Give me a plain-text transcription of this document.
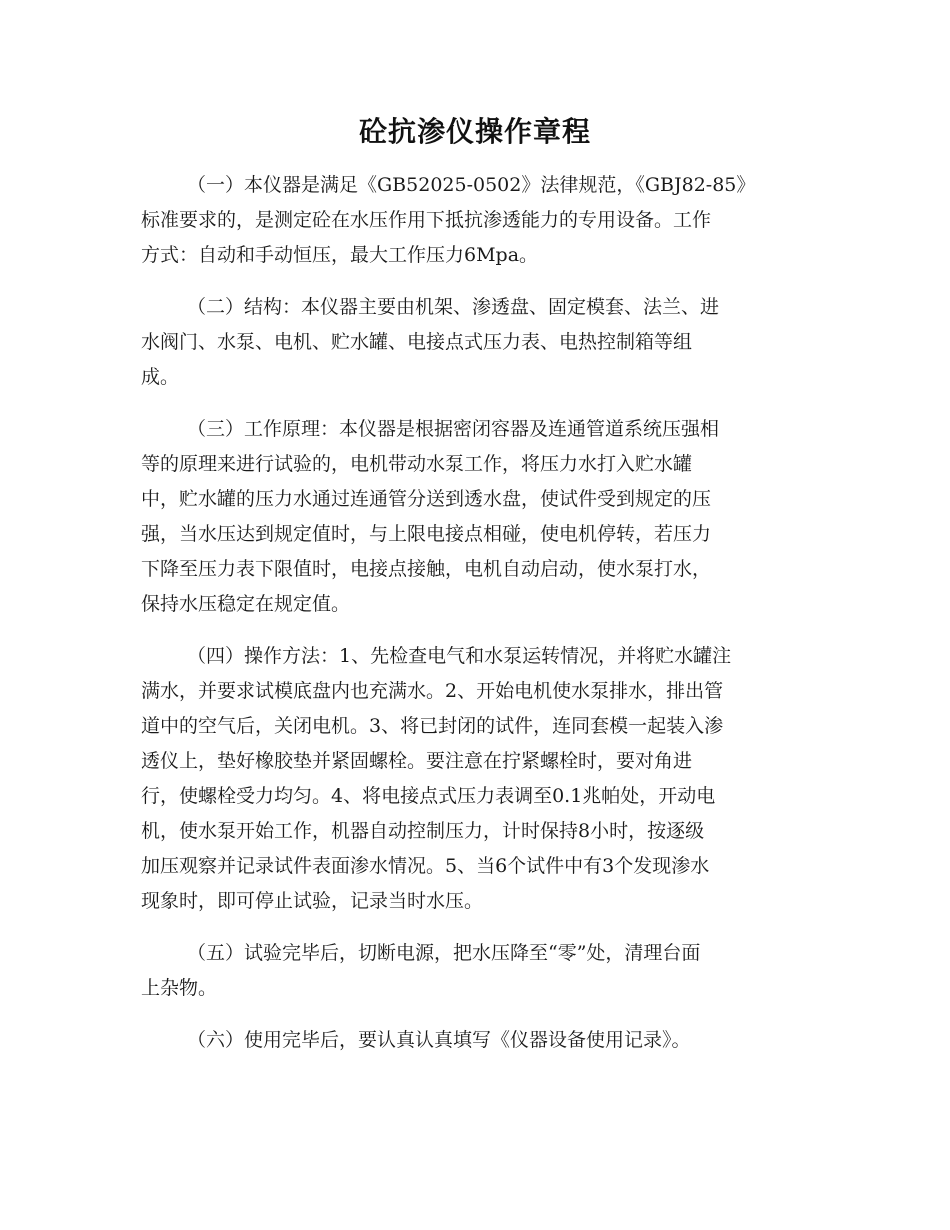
砼抗渗仪操作章程
（一）本仪器是满足《GB52025-0502》法律规范，《GBJ82-85》
标准要求的，是测定砼在水压作用下抵抗渗透能力的专用设备。工作
方式：自动和手动恒压，最大工作压力6Mpa。
（二）结构：本仪器主要由机架、渗透盘、固定模套、法兰、进
水阀门、水泵、电机、贮水罐、电接点式压力表、电热控制箱等组
成。
（三）工作原理：本仪器是根据密闭容器及连通管道系统压强相
等的原理来进行试验的，电机带动水泵工作，将压力水打入贮水罐
中，贮水罐的压力水通过连通管分送到透水盘，使试件受到规定的压
强，当水压达到规定值时，与上限电接点相碰，使电机停转，若压力
下降至压力表下限值时，电接点接触，电机自动启动，使水泵打水，
保持水压稳定在规定值。
（四）操作方法：1、先检查电气和水泵运转情况，并将贮水罐注
满水，并要求试模底盘内也充满水。2、开始电机使水泵排水，排出管
道中的空气后，关闭电机。3、将已封闭的试件，连同套模一起装入渗
透仪上，垫好橡胶垫并紧固螺栓。要注意在拧紧螺栓时，要对角进
行，使螺栓受力均匀。4、将电接点式压力表调至0.1兆帕处，开动电
机，使水泵开始工作，机器自动控制压力，计时保持8小时，按逐级
加压观察并记录试件表面渗水情况。5、当6个试件中有3个发现渗水
现象时，即可停止试验，记录当时水压。
（五）试验完毕后，切断电源，把水压降至“零”处，清理台面
上杂物。
（六）使用完毕后，要认真认真填写《仪器设备使用记录》。
